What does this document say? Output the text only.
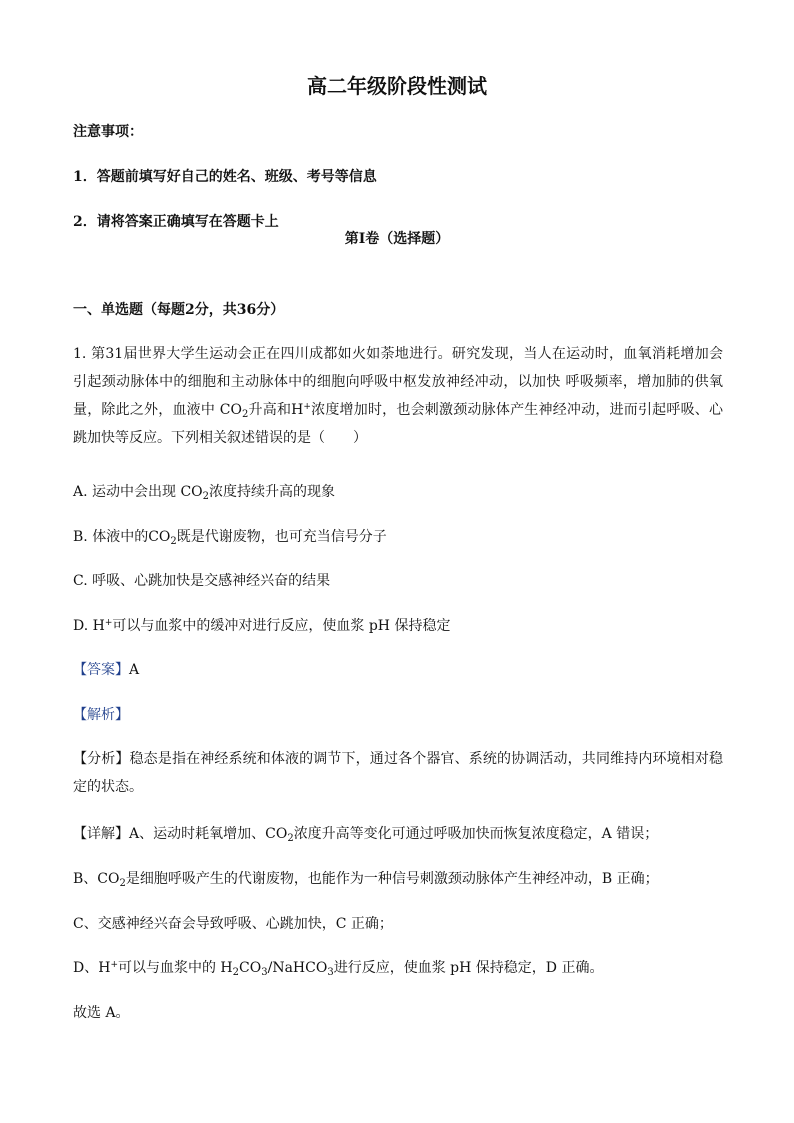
高二年级阶段性测试
注意事项：
1．答题前填写好自己的姓名、班级、考号等信息
2．请将答案正确填写在答题卡上
第I卷（选择题）
一、单选题（每题2分，共36分）
1. 第31届世界大学生运动会正在四川成都如火如荼地进行。研究发现，当人在运动时，血氧消耗增加会引起颈动脉体中的细胞和主动脉体中的细胞向呼吸中枢发放神经冲动，以加快 呼吸频率，增加肺的供氧量，除此之外，血液中 $CO_2$升高和H+浓度增加时，也会刺激颈动脉体产生神经冲动，进而引起呼吸、心跳加快等反应。下列相关叙述错误的是（　　）
A. 运动中会出现 $CO_2$浓度持续升高的现象
B. 体液中的$CO_2$既是代谢废物，也可充当信号分子
C. 呼吸、心跳加快是交感神经兴奋的结果
D. H+可以与血浆中的缓冲对进行反应，使血浆 pH 保持稳定
【答案】A
【解析】
【分析】稳态是指在神经系统和体液的调节下，通过各个器官、系统的协调活动，共同维持内环境相对稳定的状态。
【详解】A、运动时耗氧增加、$CO_2$浓度升高等变化可通过呼吸加快而恢复浓度稳定，A 错误；
B、$CO_2$是细胞呼吸产生的代谢废物，也能作为一种信号刺激颈动脉体产生神经冲动，B 正确；
C、交感神经兴奋会导致呼吸、心跳加快，C 正确；
D、H+可以与血浆中的 $H_2CO_3/NaHCO_3$进行反应，使血浆 pH 保持稳定，D 正确。
故选 A。
